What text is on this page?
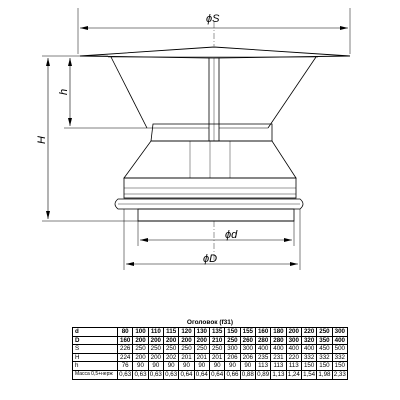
ϕS
ϕd
ϕD
H
h
Оголовок (f31)
d	80	100	110	115	120	130	135	150	155	160	180	200	220	250	300
D	160	200	200	200	200	200	210	250	260	280	280	300	320	350	400
S	226	250	250	250	250	250	250	300	300	400	400	400	400	450	500
H	224	200	200	202	201	201	201	206	206	235	231	220	332	332	332
h	76	90	90	90	90	90	90	90	90	113	113	113	150	150	150
Масса 0,5+нерж	0,63	0,63	0,63	0,63	0,64	0,64	0,64	0,66	0,88	0,89	1,13	1,24	1,54	1,98	2,33
